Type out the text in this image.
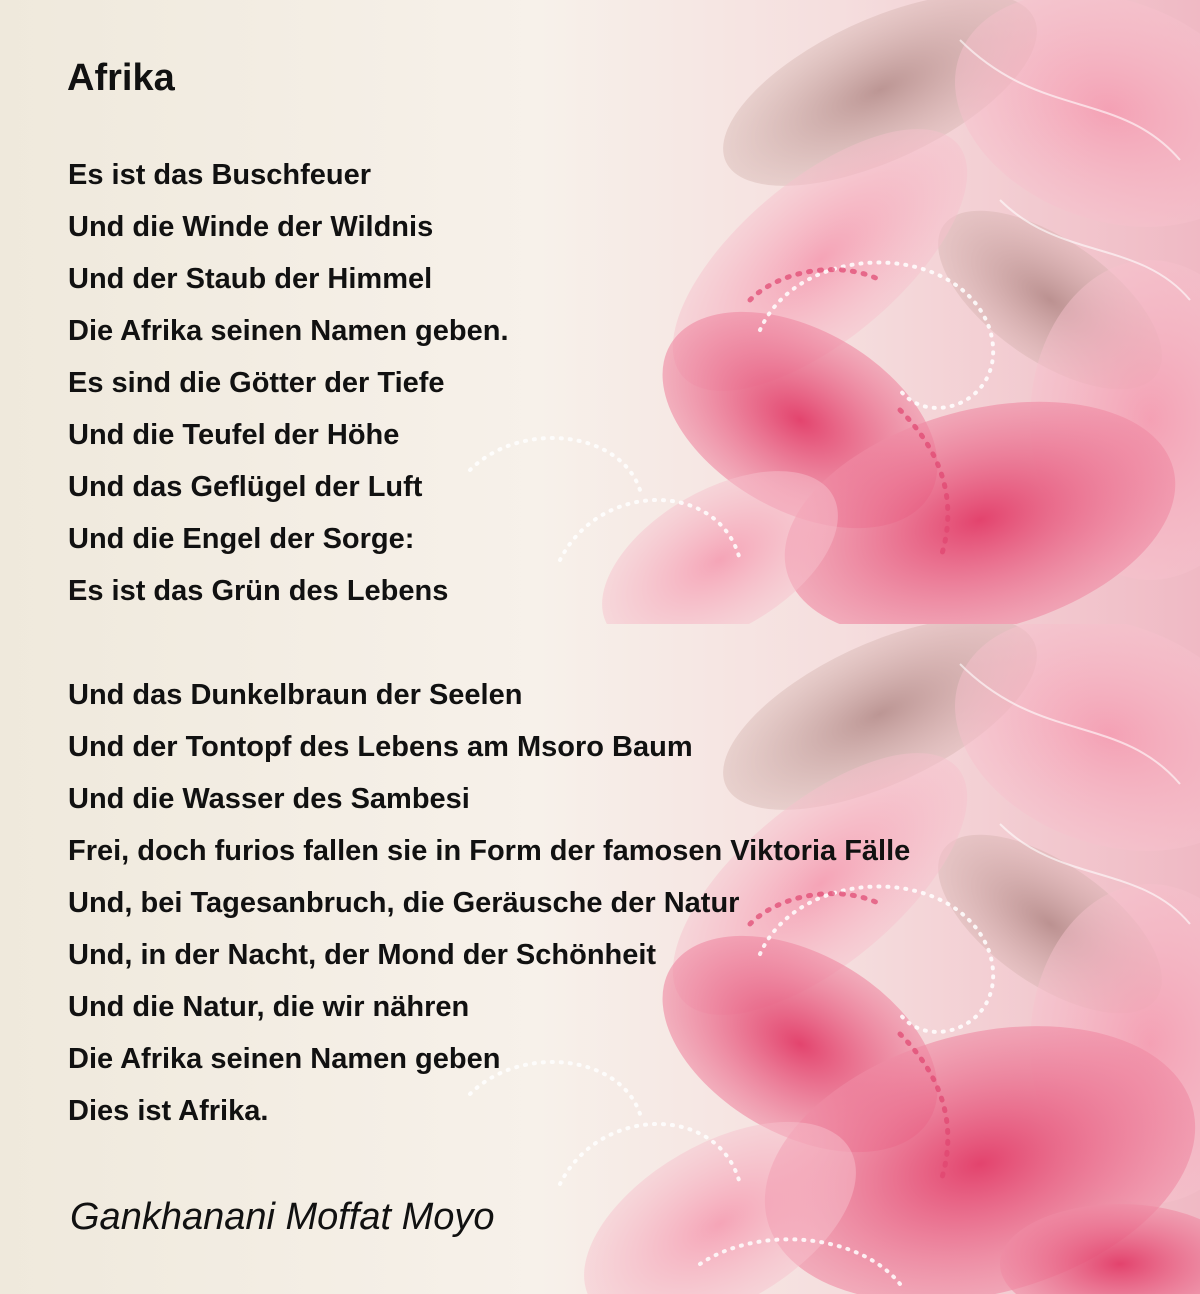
Afrika
Es ist das Buschfeuer
Und die Winde der Wildnis
Und der Staub der Himmel
Die Afrika seinen Namen geben.
Es sind die Götter der Tiefe
Und die Teufel der Höhe
Und das Geflügel der Luft
Und die Engel der Sorge:
Es ist das Grün des Lebens
Und das Dunkelbraun der Seelen
Und der Tontopf des Lebens am Msoro Baum
Und die Wasser des Sambesi
Frei, doch furios fallen sie in Form der famosen Viktoria Fälle
Und, bei Tagesanbruch, die Geräusche der Natur
Und, in der Nacht, der Mond der Schönheit
Und die Natur, die wir nähren
Die Afrika seinen Namen geben
Dies ist Afrika.

Gankhanani Moffat Moyo
